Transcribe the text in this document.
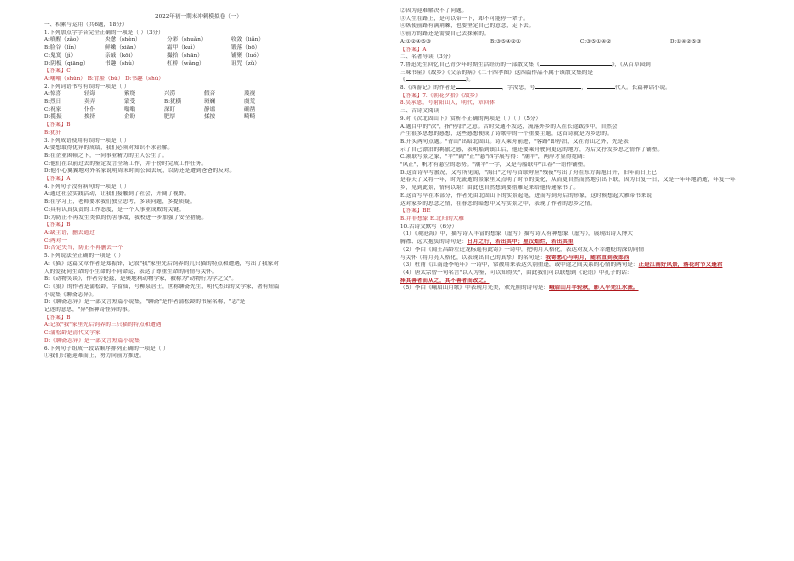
2022年初一期末冲刺模拟卷（一）
一、积累与运用（共6题，18分）
1.下列加点字字音完全正确的一项是（ ）（3分）
A:嗔醒（zǎo）	央惫（shèn）	分彩（shuǎn）	收敛（liǎn）
B:脸谷（lǐn）	鲜嫩（xiān）	霜甲（kuì）	锻落（bō）
C:鬼寞（jì）	亲戚（kōi）	撮拾（shān）	铺聚（luó）
D:阴板（qiāng）	书趣（shù）	杠桥（wǎng）	诅咒（zǔ）
【答案】C
A:嘲嘲（shǔn） B:背脸（bǔ） D:书趣（shù）
2.下列词语书写有误的一项是（ ）
A:惊喜	轻诲	萦绕	兴涝	假音	蔑视
B:烈日	卖弄	蒙受	B:犹横	斑斓	虞荒
C:祝家	仆仆	嗡嗡	深盯	静谧	确凿
D:揽振	挨挤	企盼	肥厚	揉按	畸畸
【答案】B
B:犹犴
3.下列成语使用有误的一项是（ ）
A:要想取得优异的成绩，我们必须对知识不求甚解。
B:在企业困顿之下，一向事业精力的主人公生了。
C:他们在以前过去的鉴定发言全场工作，并于傍时完成工作任务。
D:他小心翼翼地对外名家说明周末时间公园去玩，以防还是遭到爸爸的反对。
【答案】A
4.下列句子没有病句的一项是（ ）
A:通过社会实践活动，让我们接触到了社会，开阔了视野。
B:在学习上，老师要求我们独立思考，多读问题，多提质疑。
C:具有认真负责的工作态度，是一个人事业成败的关键。
D:为防止不再发生类似的伤害事故，我校进一步加强了安全措施。
【答案】B
A:缺主语，删去通过
C:两对一
D:否定失当，防止不再删去一个
5.下列说法全正确的一项是（ ）
A:《猫》这篇文章作者是郑振铎，记叙"我"家里先后饲养的几只猫的特点和遭遇，写出了我家对
人的爱抚同生命的小生命的不同命运，表达了尊重生命的同情与关怀。
B:《动物笑谈》，作者劳伦兹，是奥地利动物学家，被称为"动物行为学之父"。
C:《狼》的作者是蒲松龄，字留仙，号柳泉居士，世称聊斋先生，明代杰出的文学家，著有短篇
小说集《聊斋志异》。
D:《聊斋志异》是一部文言短篇小说集，"聊斋"是作者蒲松龄的书屋名称，"志"是
记述的意思，"异"指神奇怪异的事。
【答案】B
A:记叙"我"家里先后饲养的三只猫的特点和遭遇
C:蒲松龄是清代文学家
D:《聊斋志异》是一部文言短篇小说集
6.下列句子组成一段话顺序排列正确的一项是（ ）
①我们只能迎难而上，努力向前方推进。
②因为迎难解决不了问题。
③人生在路上，是可以带一下，却不可能停一辈子。
④纵使前路有满荆棘，也要坚定自己的意念，走下去。
⑤前方的路还是需要自己去探索的。
A:①②④⑤③	B:③⑤④②①	C:③⑤①④②	D:①④②⑤③
【答案】A
二、名著导读（3分）
7.鲁迅先生回忆自己青少年时期生活经历的一部散文集《	》，《从百草园到
三味书屋》《故乡》《父亲的病》《二十四孝图》这四篇作品不属于该散文集的是
《	》。
8.《西游记》的作者是	，字汝忠，号	，	代人。长篇神话小说。
【答案】7.《朝花夕拾》《故乡》
8.吴承恩，号射阳山人，明代，章回体
三、古诗文阅读
9.对《次北固山下》赏析不正确的两项是（ ）（ ）（5分）
A.题目中的"次"，指"停泊"之意。古时交通不发达，流落外乡的人在长途跋涉中，自然会
产生很多思想的感想，这些感想便成了诗歌中的一个重要主题，这首诗就是为乡思的。
B.开头两句点题。"青山"出暗北固山。诗人乘舟前进，"客路"即停泊，又在青山之外，先是表
示了自己漂泊的羁旅之感，表明船到镇江后，他还要乘舟驶向更远的地方，为后文抒发乡思之情作了铺垫。
C.颔联写景之象，"平""阔""正""悬"四字展写得："潮平"，两岸才显得宽阔：
"风正"，帆才有悬空的态势。"潮平"一字，又是与船联中"江春"一语作铺垫。
D.这首诗早写旅况，又写所见闻，"海日"之句与首联呼应"残夜"写出了舟在东方海旭日升，旧年而日上已
是春天了又将一年，时光流逝的景象里又点明了时节的变化，从而更自然而然地引出下联，因为日复一日，又是一年年地消逝，年复一年
乡，见到此景，情何以堪！由此也自然想到要借雁足来给他传递家书了。
E.这首写早在本部分，作者先由北固山下的实景起笔，进而写到舟后的形象，这时候想起大雁带书来说
达对家乡的思念之情，在眷恋的暗想中又写实景之中，表现了作者的思乡之情。
【答案】BE
B.并非想象 E.北归的大雁
10.古诗文默写（6分）
（1）《观沧海》中，描写诗人丰富的想象（虚写）描写诗人有神想象（虚写），展现出诗人博大
胸襟、远大抱负的诗句是：日月之行，若出其中；星汉灿烂，若出其里
（2）李白《闻王昌龄左迁龙标遥有此寄》一诗中，把明月人格化，表达对友人不幸遭贬的深切同情
与关怀（将月亮人格化，以表现出自己的真挚）的名句是：我寄愁心与明月，随君直到夜郎西
（3）杜甫《江南逢李龟年》一诗中，常被用来表达久别重逢，或中途之间关系的心情的两句是：正是江南好风景，落花时节又逢君
（4）唐太宗曾一句名言"以人为鉴，可以知得失"，由此我们可以联想到《论语》中孔子的话：
择其善者而从之，其不善者而改之。
（5）李白《峨眉山月歌》中表现月光美，欢光照的诗句是：峨眉山月半轮秋，影入平羌江水流。
